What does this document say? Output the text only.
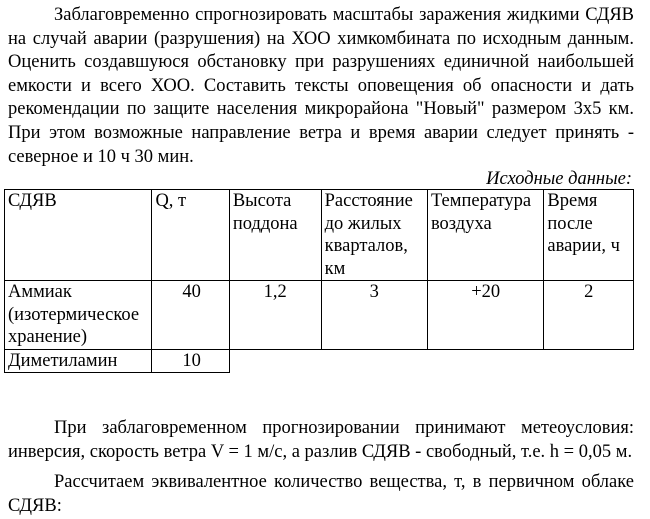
Заблаговременно спрогнозировать масштабы заражения жидкими СДЯВ на случай аварии (разрушения) на ХОО химкомбината по исходным данным. Оценить создавшуюся обстановку при разрушениях единичной наибольшей емкости и всего ХОО. Составить тексты оповещения об опасности и дать рекомендации по защите населения микрорайона "Новый" размером 3х5 км. При этом возможные направление ветра и время аварии следует принять - северное и 10 ч 30 мин.

Исходные данные:

СДЯВ	Q, т	Высота поддона	Расстояние до жилых кварталов, км	Температура воздуха	Время после аварии, ч
Аммиак (изотермическое хранение)	40	1,2	3	+20	2
Диметиламин	10				

При заблаговременном прогнозировании принимают метеоусловия: инверсия, скорость ветра V = 1 м/с, а разлив СДЯВ - свободный, т.е. h = 0,05 м.

Рассчитаем эквивалентное количество вещества, т, в первичном облаке СДЯВ:
